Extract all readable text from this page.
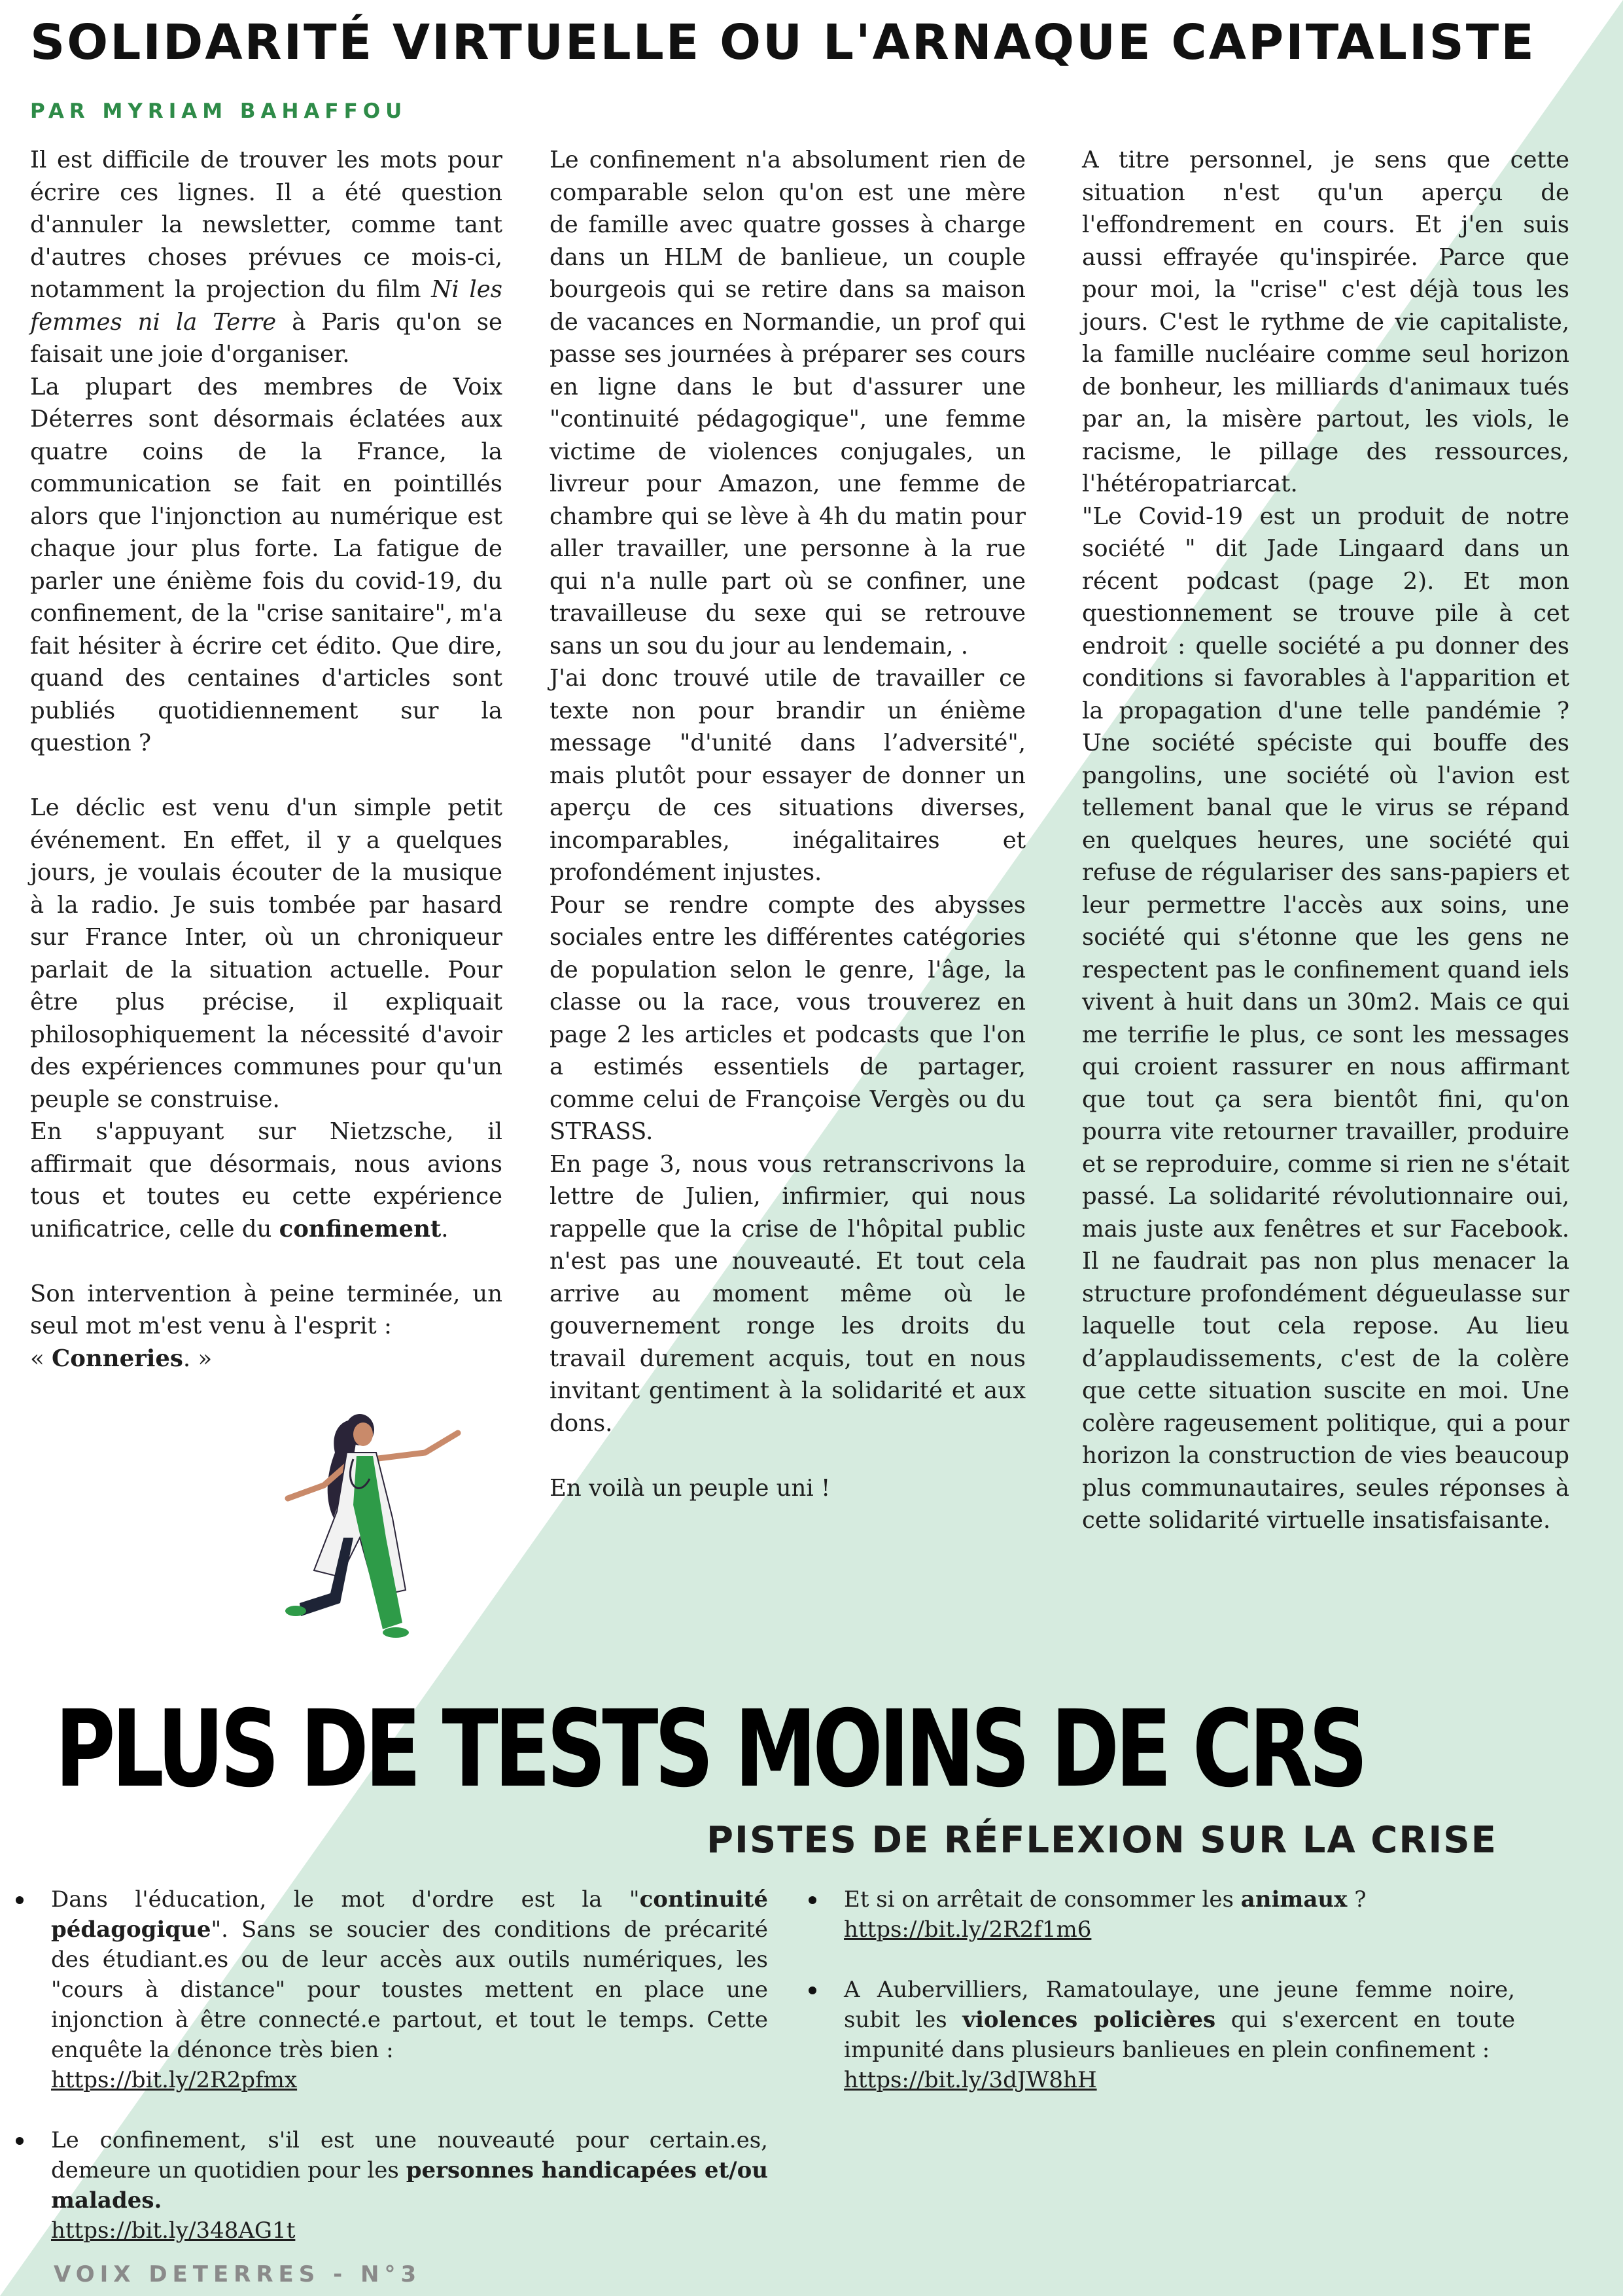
SOLIDARITÉ VIRTUELLE OU L'ARNAQUE CAPITALISTE
PAR MYRIAM BAHAFFOU

Il est difficile de trouver les mots pour écrire ces lignes. Il a été question d'annuler la newsletter, comme tant d'autres choses prévues ce mois-ci, notamment la projection du film Ni les femmes ni la Terre à Paris qu'on se faisait une joie d'organiser.

La plupart des membres de Voix Déterres sont désormais éclatées aux quatre coins de la France, la communication se fait en pointillés alors que l'injonction au numérique est chaque jour plus forte. La fatigue de parler une énième fois du covid-19, du confinement, de la "crise sanitaire", m'a fait hésiter à écrire cet édito. Que dire, quand des centaines d'articles sont publiés quotidiennement sur la question ?

Le déclic est venu d'un simple petit événement. En effet, il y a quelques jours, je voulais écouter de la musique à la radio. Je suis tombée par hasard sur France Inter, où un chroniqueur parlait de la situation actuelle. Pour être plus précise, il expliquait philosophiquement la nécessité d'avoir des expériences communes pour qu'un peuple se construise.

En s'appuyant sur Nietzsche, il affirmait que désormais, nous avions tous et toutes eu cette expérience unificatrice, celle du confinement.

Son intervention à peine terminée, un seul mot m'est venu à l'esprit :

« Conneries. »

Le confinement n'a absolument rien de comparable selon qu'on est une mère de famille avec quatre gosses à charge dans un HLM de banlieue, un couple bourgeois qui se retire dans sa maison de vacances en Normandie, un prof qui passe ses journées à préparer ses cours en ligne dans le but d'assurer une "continuité pédagogique", une femme victime de violences conjugales, un livreur pour Amazon, une femme de chambre qui se lève à 4h du matin pour aller travailler, une personne à la rue qui n'a nulle part où se confiner, une travailleuse du sexe qui se retrouve sans un sou du jour au lendemain, .

J'ai donc trouvé utile de travailler ce texte non pour brandir un énième message "d'unité dans l’adversité", mais plutôt pour essayer de donner un aperçu de ces situations diverses, incomparables, inégalitaires et profondément injustes.

Pour se rendre compte des abysses sociales entre les différentes catégories de population selon le genre, l'âge, la classe ou la race, vous trouverez en page 2 les articles et podcasts que l'on a estimés essentiels de partager, comme celui de Françoise Vergès ou du STRASS.

En page 3, nous vous retranscrivons la lettre de Julien, infirmier, qui nous rappelle que la crise de l'hôpital public n'est pas une nouveauté. Et tout cela arrive au moment même où le gouvernement ronge les droits du travail durement acquis, tout en nous invitant gentiment à la solidarité et aux dons.

En voilà un peuple uni !

A titre personnel, je sens que cette situation n'est qu'un aperçu de l'effondrement en cours. Et j'en suis aussi effrayée qu'inspirée. Parce que pour moi, la "crise" c'est déjà tous les jours. C'est le rythme de vie capitaliste, la famille nucléaire comme seul horizon de bonheur, les milliards d'animaux tués par an, la misère partout, les viols, le racisme, le pillage des ressources, l'hétéropatriarcat.

"Le Covid-19 est un produit de notre société " dit Jade Lingaard dans un récent podcast (page 2). Et mon questionnement se trouve pile à cet endroit : quelle société a pu donner des conditions si favorables à l'apparition et la propagation d'une telle pandémie ? Une société spéciste qui bouffe des pangolins, une société où l'avion est tellement banal que le virus se répand en quelques heures, une société qui refuse de régulariser des sans-papiers et leur permettre l'accès aux soins, une société qui s'étonne que les gens ne respectent pas le confinement quand iels vivent à huit dans un 30m2. Mais ce qui me terrifie le plus, ce sont les messages qui croient rassurer en nous affirmant que tout ça sera bientôt fini, qu'on pourra vite retourner travailler, produire et se reproduire, comme si rien ne s'était passé. La solidarité révolutionnaire oui, mais juste aux fenêtres et sur Facebook. Il ne faudrait pas non plus menacer la structure profondément dégueulasse sur laquelle tout cela repose. Au lieu d’applaudissements, c'est de la colère que cette situation suscite en moi. Une colère rageusement politique, qui a pour horizon la construction de vies beaucoup plus communautaires, seules réponses à cette solidarité virtuelle insatisfaisante.

PLUS DE TESTS MOINS DE CRS
PISTES DE RÉFLEXION SUR LA CRISE
Dans l'éducation, le mot d'ordre est la "continuité pédagogique". Sans se soucier des conditions de précarité des étudiant.es ou de leur accès aux outils numériques, les "cours à distance" pour toustes mettent en place une injonction à être connecté.e partout, et tout le temps. Cette enquête la dénonce très bien :
https://bit.ly/2R2pfmx
Le confinement, s'il est une nouveauté pour certain.es, demeure un quotidien pour les personnes handicapées et/ou malades.
https://bit.ly/348AG1t
Et si on arrêtait de consommer les animaux ?
https://bit.ly/2R2f1m6
A Aubervilliers, Ramatoulaye, une jeune femme noire, subit les violences policières qui s'exercent en toute impunité dans plusieurs banlieues en plein confinement :
https://bit.ly/3dJW8hH
VOIX DETERRES - N°3
